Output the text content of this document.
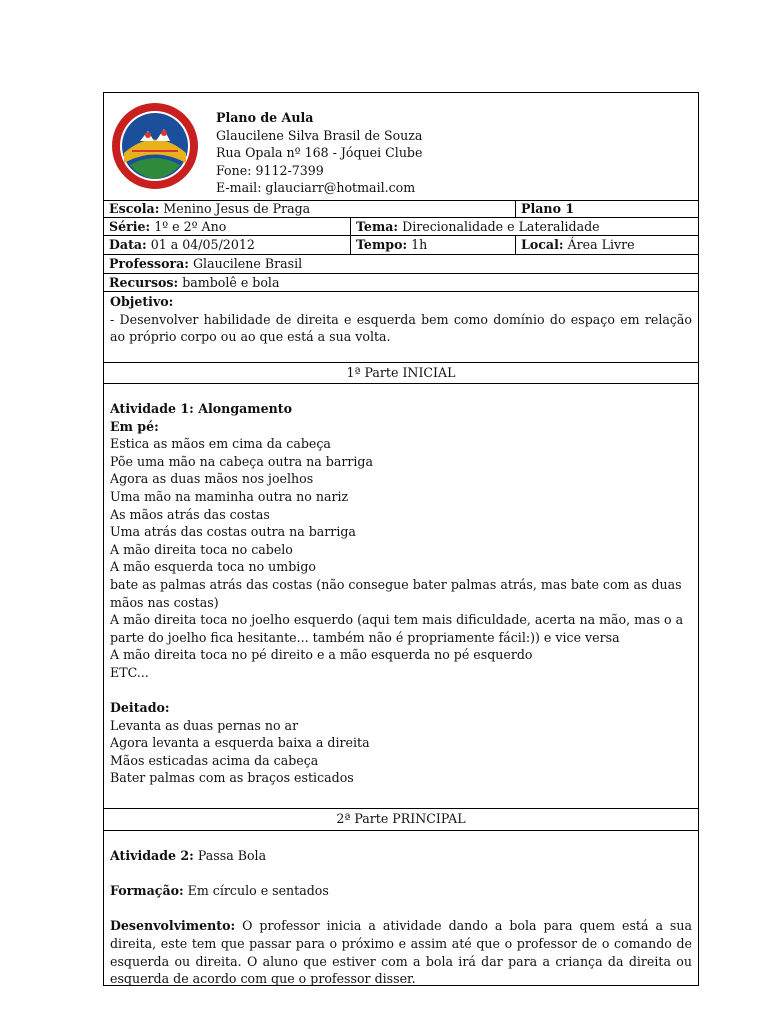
Plano de Aula
Glaucilene Silva Brasil de Souza
Rua Opala nº 168 - Jóquei Clube
Fone: 9112-7399
E-mail: glauciarr@hotmail.com
Escola: Menino Jesus de Praga	Plano 1
Série: 1º e 2º Ano	Tema: Direcionalidade e Lateralidade
Data: 01 a 04/05/2012	Tempo: 1h	Local: Área Livre
Professora: Glaucilene Brasil
Recursos: bambolê e bola

Objetivo:

- Desenvolver habilidade de direita e esquerda bem como domínio do espaço em relação ao próprio corpo ou ao que está a sua volta.

1ª Parte INICIAL

Atividade 1: Alongamento

Em pé:

Estica as mãos em cima da cabeça

Põe uma mão na cabeça outra na barriga

Agora as duas mãos nos joelhos

Uma mão na maminha outra no nariz

As mãos atrás das costas

Uma atrás das costas outra na barriga

A mão direita toca no cabelo

A mão esquerda toca no umbigo

bate as palmas atrás das costas (não consegue bater palmas atrás, mas bate com as duas mãos nas costas)

A mão direita toca no joelho esquerdo (aqui tem mais dificuldade, acerta na mão, mas o a parte do joelho fica hesitante... também não é propriamente fácil:)) e vice versa

A mão direita toca no pé direito e a mão esquerda no pé esquerdo

ETC...

Deitado:

Levanta as duas pernas no ar

Agora levanta a esquerda baixa a direita

Mãos esticadas acima da cabeça

Bater palmas com as braços esticados

2ª Parte PRINCIPAL

Atividade 2: Passa Bola

Formação: Em círculo e sentados

Desenvolvimento: O professor inicia a atividade dando a bola para quem está a sua direita, este tem que passar para o próximo e assim até que o professor de o comando de esquerda ou direita. O aluno que estiver com a bola irá dar para a criança da direita ou esquerda de acordo com que o professor disser.
